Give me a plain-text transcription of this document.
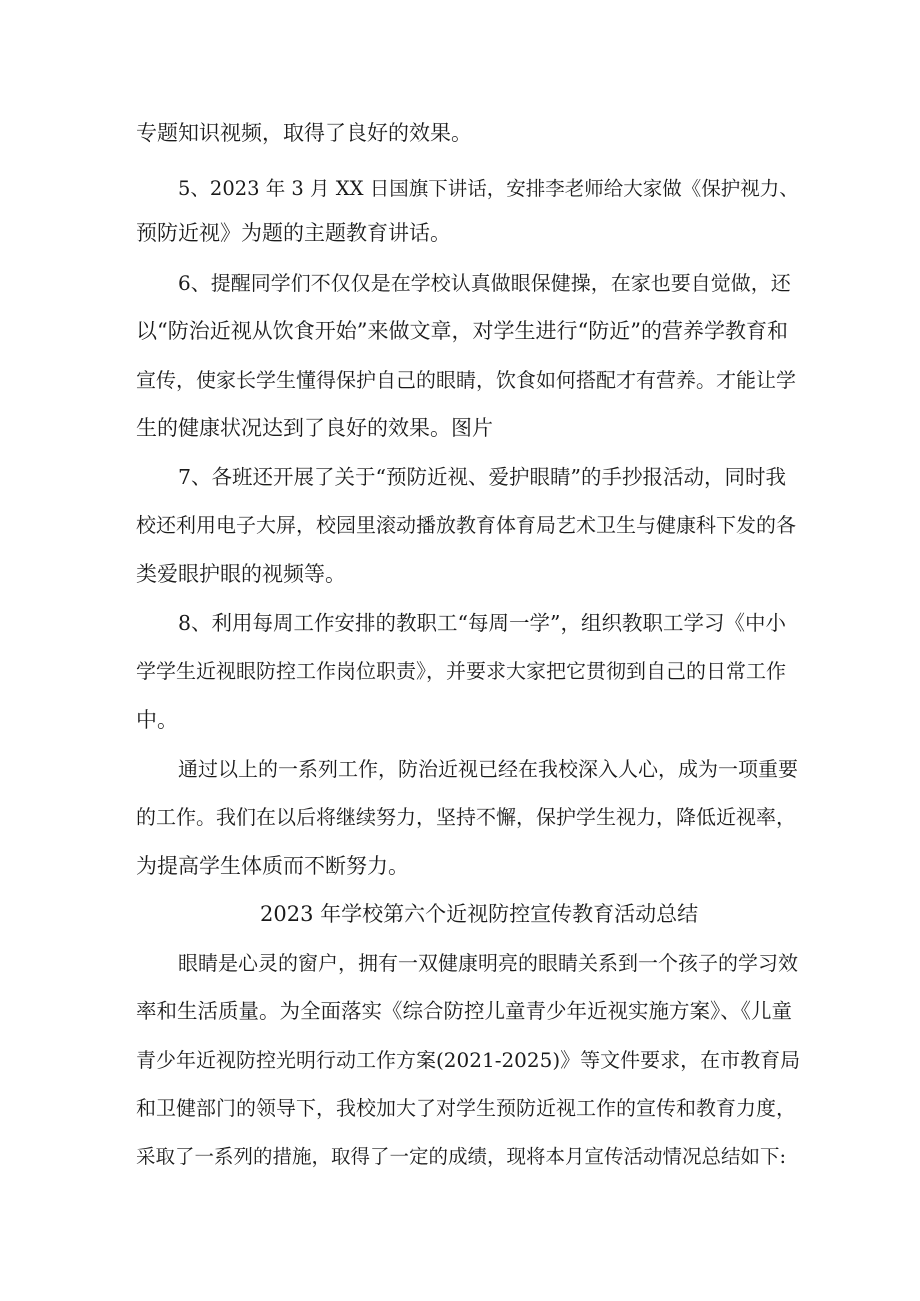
专题知识视频，取得了良好的效果。
5、2023 年 3 月 XX 日国旗下讲话，安排李老师给大家做《保护视力、
预防近视》为题的主题教育讲话。
6、提醒同学们不仅仅是在学校认真做眼保健操，在家也要自觉做，还
以“防治近视从饮食开始”来做文章，对学生进行“防近”的营养学教育和
宣传，使家长学生懂得保护自己的眼睛，饮食如何搭配才有营养。才能让学
生的健康状况达到了良好的效果。图片
7、各班还开展了关于“预防近视、爱护眼睛”的手抄报活动，同时我
校还利用电子大屏，校园里滚动播放教育体育局艺术卫生与健康科下发的各
类爱眼护眼的视频等。
8、利用每周工作安排的教职工“每周一学”，组织教职工学习《中小
学学生近视眼防控工作岗位职责》，并要求大家把它贯彻到自己的日常工作
中。
通过以上的一系列工作，防治近视已经在我校深入人心，成为一项重要
的工作。我们在以后将继续努力，坚持不懈，保护学生视力，降低近视率，
为提高学生体质而不断努力。
2023 年学校第六个近视防控宣传教育活动总结
眼睛是心灵的窗户，拥有一双健康明亮的眼睛关系到一个孩子的学习效
率和生活质量。为全面落实《综合防控儿童青少年近视实施方案》、《儿童
青少年近视防控光明行动工作方案(2021-2025)》等文件要求，在市教育局
和卫健部门的领导下，我校加大了对学生预防近视工作的宣传和教育力度，
采取了一系列的措施，取得了一定的成绩，现将本月宣传活动情况总结如下:
